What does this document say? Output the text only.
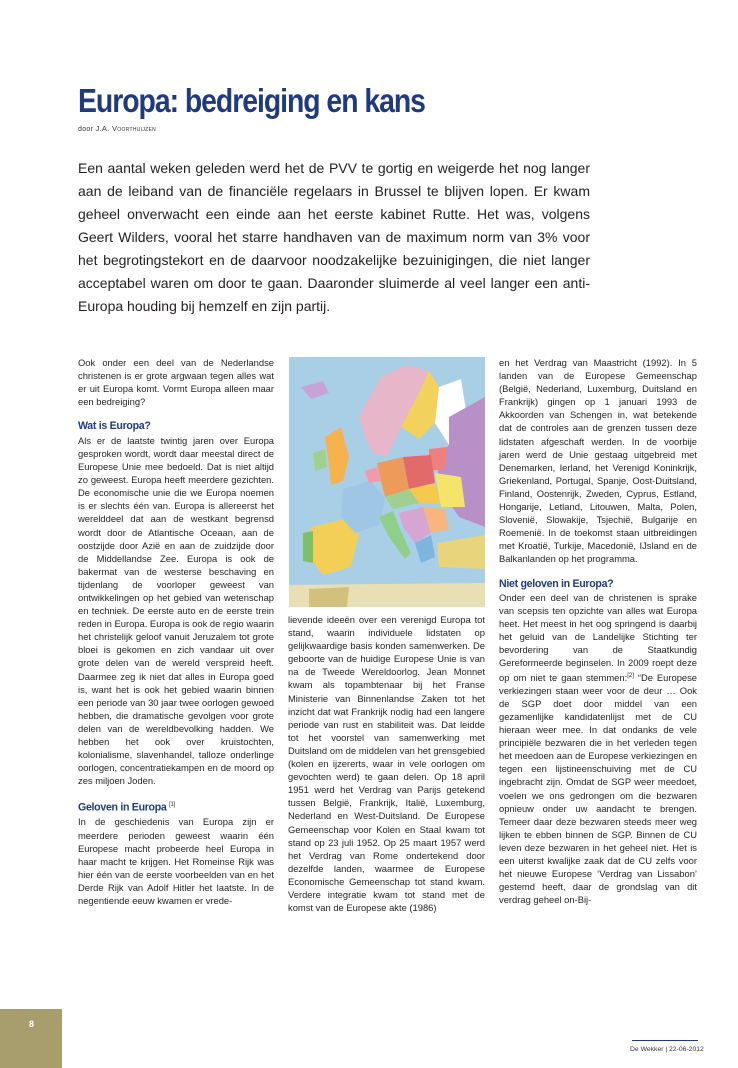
Europa: bedreiging en kans
door J.A. Voorthuijzen

Een aantal weken geleden werd het de PVV te gortig en weigerde het nog langer aan de leiband van de financiële regelaars in Brussel te blijven lopen. Er kwam geheel onverwacht een einde aan het eerste kabinet Rutte. Het was, volgens Geert Wilders, vooral het starre handhaven van de maximum norm van 3% voor het begrotingstekort en de daarvoor noodzakelijke bezuinigingen, die niet langer acceptabel waren om door te gaan. Daaronder sluimerde al veel langer een anti-Europa houding bij hemzelf en zijn partij.

Ook onder een deel van de Nederlandse christenen is er grote argwaan tegen alles wat er uit Europa komt. Vormt Europa alleen maar een bedreiging?

Wat is Europa?

Als er de laatste twintig jaren over Europa gesproken wordt, wordt daar meestal direct de Europese Unie mee bedoeld. Dat is niet altijd zo geweest. Europa heeft meerdere gezichten. De economische unie die we Europa noemen is er slechts één van. Europa is allereerst het werelddeel dat aan de westkant begrensd wordt door de Atlantische Oceaan, aan de oostzijde door Azië en aan de zuidzijde door de Middellandse Zee. Europa is ook de bakermat van de westerse beschaving en tijdenlang de voorloper geweest van ontwikkelingen op het gebied van wetenschap en techniek. De eerste auto en de eerste trein reden in Europa. Europa is ook de regio waarin het christelijk geloof vanuit Jeruzalem tot grote bloei is gekomen en zich vandaar uit over grote delen van de wereld verspreid heeft. Daarmee zeg ik niet dat alles in Europa goed is, want het is ook het gebied waarin binnen een periode van 30 jaar twee oorlogen gewoed hebben, die dramatische gevolgen voor grote delen van de wereldbevolking hadden. We hebben het ook over kruistochten, kolonialisme, slavenhandel, talloze onderlinge oorlogen, concentratiekampen en de moord op zes miljoen Joden.

Geloven in Europa [1]

In de geschiedenis van Europa zijn er meerdere perioden geweest waarin één Europese macht probeerde heel Europa in haar macht te krijgen. Het Romeinse Rijk was hier één van de eerste voorbeelden van en het Derde Rijk van Adolf Hitler het laatste. In de negentiende eeuw kwamen er vrede-

lievende ideeën over een verenigd Europa tot stand, waarin individuele lidstaten op gelijkwaardige basis konden samenwerken. De geboorte van de huidige Europese Unie is van na de Tweede Wereldoorlog. Jean Monnet kwam als topambtenaar bij het Franse Ministerie van Binnenlandse Zaken tot het inzicht dat wat Frankrijk nodig had een langere periode van rust en stabiliteit was. Dat leidde tot het voorstel van samenwerking met Duitsland om de middelen van het grensgebied (kolen en ijzererts, waar in vele oorlogen om gevochten werd) te gaan delen. Op 18 april 1951 werd het Verdrag van Parijs getekend tussen België, Frankrijk, Italië, Luxemburg, Nederland en West-Duitsland. De Europese Gemeenschap voor Kolen en Staal kwam tot stand op 23 juli 1952. Op 25 maart 1957 werd het Verdrag van Rome ondertekend door dezelfde landen, waarmee de Europese Economische Gemeenschap tot stand kwam. Verdere integratie kwam tot stand met de komst van de Europese akte (1986)

en het Verdrag van Maastricht (1992). In 5 landen van de Europese Gemeenschap (België, Nederland, Luxemburg, Duitsland en Frankrijk) gingen op 1 januari 1993 de Akkoorden van Schengen in, wat betekende dat de controles aan de grenzen tussen deze lidstaten afgeschaft werden. In de voorbije jaren werd de Unie gestaag uitgebreid met Denemarken, Ierland, het Verenigd Koninkrijk, Griekenland, Portugal, Spanje, Oost-Duitsland, Finland, Oostenrijk, Zweden, Cyprus, Estland, Hongarije, Letland, Litouwen, Malta, Polen, Slovenië, Slowakije, Tsjechië, Bulgarije en Roemenië. In de toekomst staan uitbreidingen met Kroatië, Turkije, Macedonië, IJsland en de Balkanlanden op het programma.

Niet geloven in Europa?

Onder een deel van de christenen is sprake van scepsis ten opzichte van alles wat Europa heet. Het meest in het oog springend is daarbij het geluid van de Landelijke Stichting ter bevordering van de Staatkundig Gereformeerde beginselen. In 2009 roept deze op om niet te gaan stemmen:[2] “De Europese verkiezingen staan weer voor de deur … Ook de SGP doet door middel van een gezamenlijke kandidatenlijst met de CU hieraan weer mee. In dat ondanks de vele principiële bezwaren die in het verleden tegen het meedoen aan de Europese verkiezingen en tegen een lijstineenschuiving met de CU ingebracht zijn. Omdat de SGP weer meedoet, voelen we ons gedrongen om die bezwaren opnieuw onder uw aandacht te brengen. Temeer daar deze bezwaren steeds meer weg lijken te ebben binnen de SGP. Binnen de CU leven deze bezwaren in het geheel niet. Het is een uiterst kwalijke zaak dat de CU zelfs voor het nieuwe Europese ‘Verdrag van Lissabon’ gestemd heeft, daar de grondslag van dit verdrag geheel on-Bij-

De Wekker | 22-06-2012
8
